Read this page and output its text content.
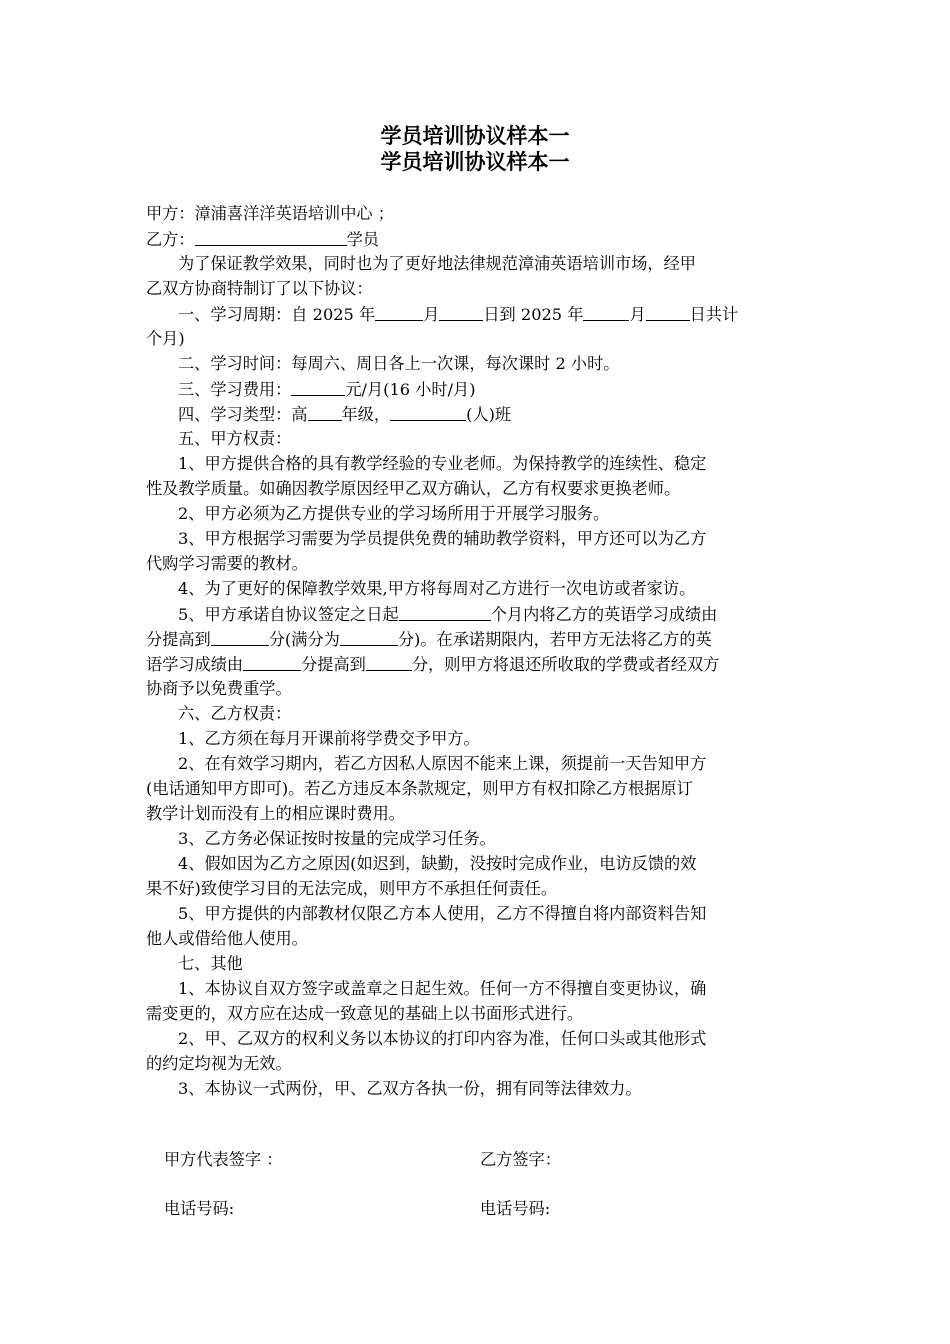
学员培训协议样本一
学员培训协议样本一
甲方：漳浦喜洋洋英语培训中心 ；
乙方：	学员
为了保证教学效果，同时也为了更好地法律规范漳浦英语培训市场，经甲
乙双方协商特制订了以下协议：
一、学习周期：自 2025 年	月	日到 2025 年	月	日共计
个月)
二、学习时间：每周六、周日各上一次课，每次课时 2 小时。
三、学习费用：	元/月(16 小时/月)
四、学习类型：高 年级，	(人)班
五、甲方权责：
1、甲方提供合格的具有教学经验的专业老师。为保持教学的连续性、稳定
性及教学质量。如确因教学原因经甲乙双方确认，乙方有权要求更换老师。
2、甲方必须为乙方提供专业的学习场所用于开展学习服务。
3、甲方根据学习需要为学员提供免费的辅助教学资料，甲方还可以为乙方
代购学习需要的教材。
4、为了更好的保障教学效果,甲方将每周对乙方进行一次电访或者家访。
5、甲方承诺自协议签定之日起	个月内将乙方的英语学习成绩由
分提高到	分(满分为	分)。在承诺期限内，若甲方无法将乙方的英
语学习成绩由	分提高到	分，则甲方将退还所收取的学费或者经双方
协商予以免费重学。
六、乙方权责：
1、乙方须在每月开课前将学费交予甲方。
2、在有效学习期内，若乙方因私人原因不能来上课，须提前一天告知甲方
(电话通知甲方即可)。若乙方违反本条款规定，则甲方有权扣除乙方根据原订
教学计划而没有上的相应课时费用。
3、乙方务必保证按时按量的完成学习任务。
4、假如因为乙方之原因(如迟到，缺勤，没按时完成作业，电访反馈的效
果不好)致使学习目的无法完成，则甲方不承担任何责任。
5、甲方提供的内部教材仅限乙方本人使用，乙方不得擅自将内部资料告知
他人或借给他人使用。
七、其他
1、本协议自双方签字或盖章之日起生效。任何一方不得擅自变更协议，确
需变更的，双方应在达成一致意见的基础上以书面形式进行。
2、甲、乙双方的权利义务以本协议的打印内容为准，任何口头或其他形式
的约定均视为无效。
3、本协议一式两份，甲、乙双方各执一份，拥有同等法律效力。
甲方代表签字 ：	乙方签字：
电话号码:	电话号码:
